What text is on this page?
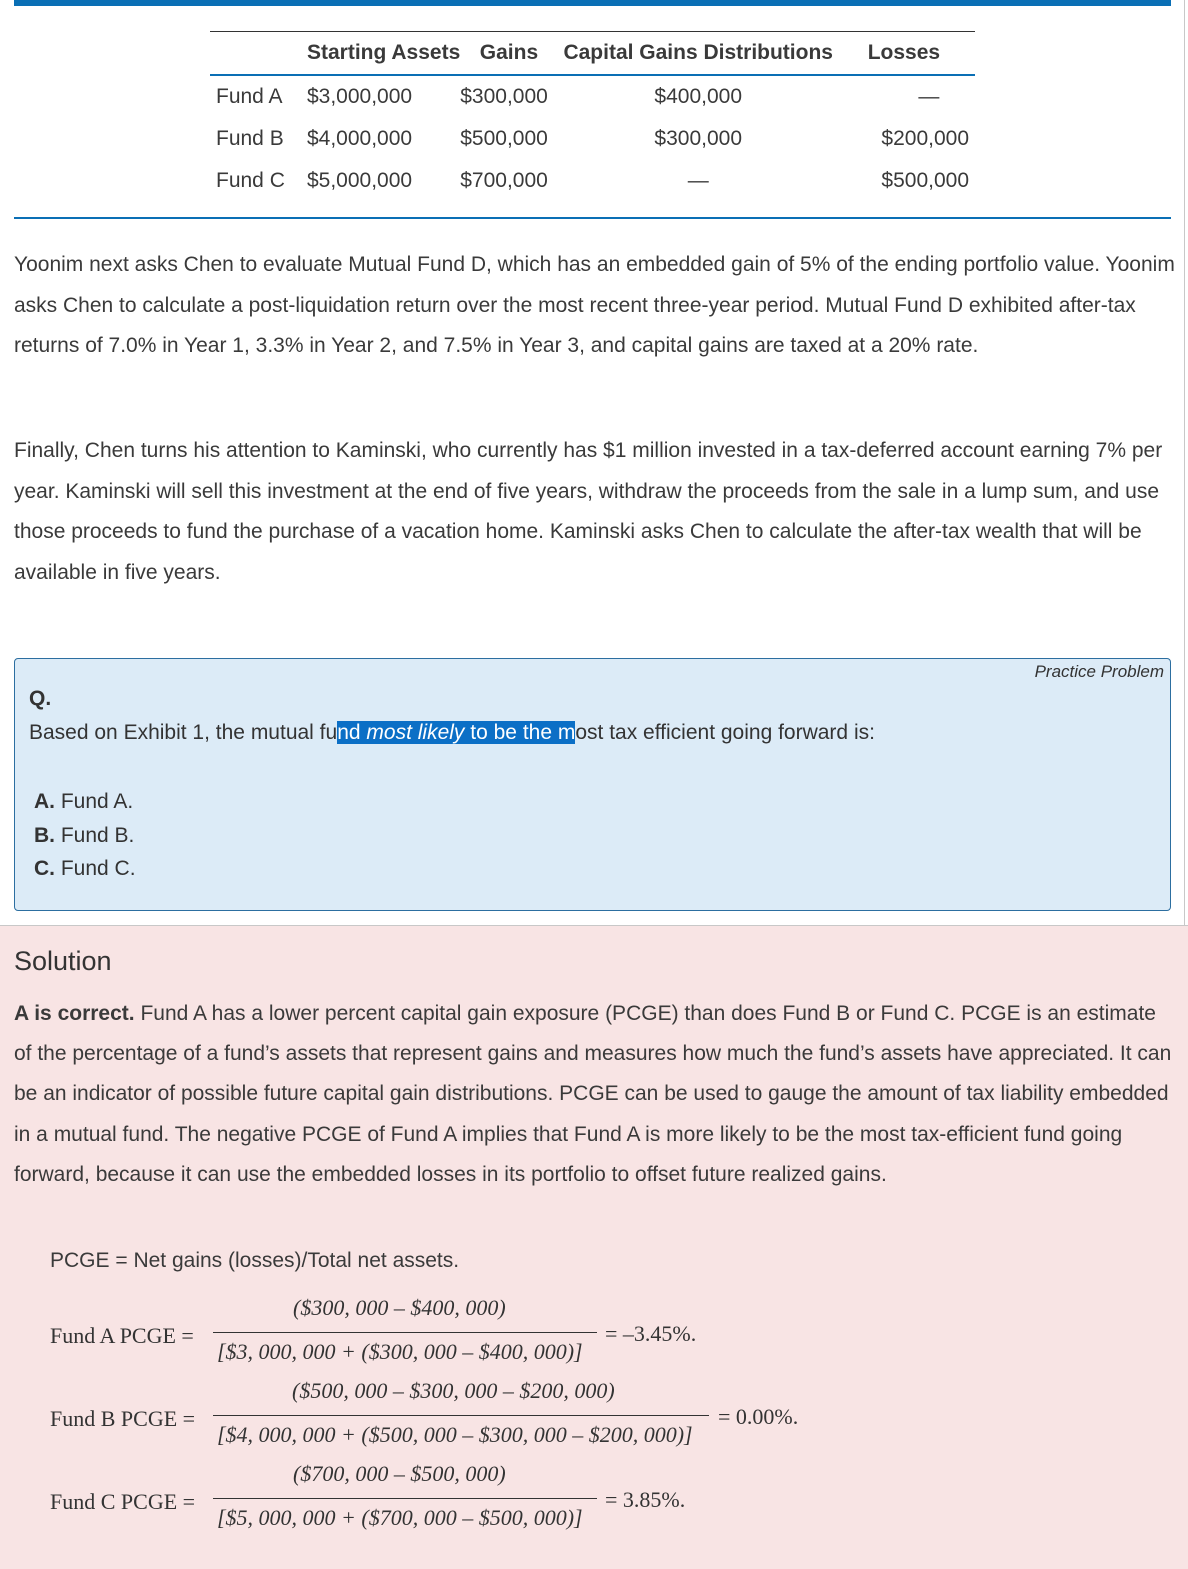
	Starting Assets	Gains	Capital Gains Distributions	Losses
Fund A	$3,000,000	$300,000	$400,000	—
Fund B	$4,000,000	$500,000	$300,000	$200,000
Fund C	$5,000,000	$700,000	—	$500,000

Yoonim next asks Chen to evaluate Mutual Fund D, which has an embedded gain of 5% of the ending portfolio value. Yoonim asks Chen to calculate a post-liquidation return over the most recent three-year period. Mutual Fund D exhibited after-tax returns of 7.0% in Year 1, 3.3% in Year 2, and 7.5% in Year 3, and capital gains are taxed at a 20% rate.

Finally, Chen turns his attention to Kaminski, who currently has $1 million invested in a tax-deferred account earning 7% per year. Kaminski will sell this investment at the end of five years, withdraw the proceeds from the sale in a lump sum, and use those proceeds to fund the purchase of a vacation home. Kaminski asks Chen to calculate the after-tax wealth that will be available in five years.

Practice Problem
Q.
Based on Exhibit 1, the mutual fund most likely to be the most tax efficient going forward is:
A. Fund A.
B. Fund B.
C. Fund C.
Solution

A is correct. Fund A has a lower percent capital gain exposure (PCGE) than does Fund B or Fund C. PCGE is an estimate of the percentage of a fund’s assets that represent gains and measures how much the fund’s assets have appreciated. It can be an indicator of possible future capital gain distributions. PCGE can be used to gauge the amount of tax liability embedded in a mutual fund. The negative PCGE of Fund A implies that Fund A is more likely to be the most tax-efficient fund going forward, because it can use the embedded losses in its portfolio to offset future realized gains.

PCGE = Net gains (losses)/Total net assets.
Fund A PCGE =
($300, 000 – $400, 000)
[$3, 000, 000 + ($300, 000 – $400, 000)]
= –3.45%.
Fund B PCGE =
($500, 000 – $300, 000 – $200, 000)
[$4, 000, 000 + ($500, 000 – $300, 000 – $200, 000)]
= 0.00%.
Fund C PCGE =
($700, 000 – $500, 000)
[$5, 000, 000 + ($700, 000 – $500, 000)]
= 3.85%.
